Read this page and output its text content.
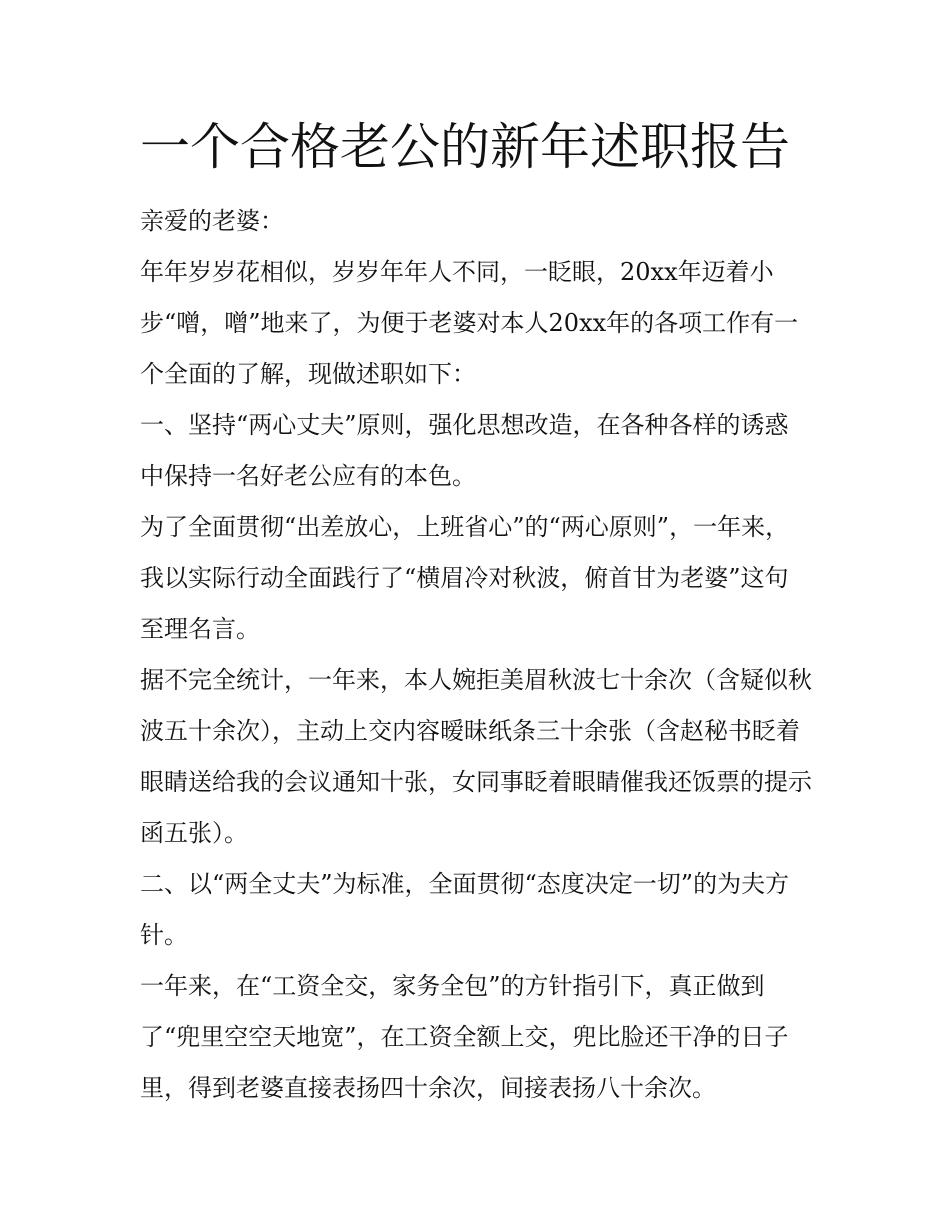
一个合格老公的新年述职报告

亲爱的老婆：

年年岁岁花相似，岁岁年年人不同，一眨眼，20xx年迈着小步“噌，噌”地来了，为便于老婆对本人20xx年的各项工作有一个全面的了解，现做述职如下：

一、坚持“两心丈夫”原则，强化思想改造，在各种各样的诱惑中保持一名好老公应有的本色。

为了全面贯彻“出差放心，上班省心”的“两心原则”，一年来，我以实际行动全面践行了“横眉冷对秋波，俯首甘为老婆”这句至理名言。

据不完全统计，一年来，本人婉拒美眉秋波七十余次（含疑似秋波五十余次），主动上交内容暧昧纸条三十余张（含赵秘书眨着眼睛送给我的会议通知十张，女同事眨着眼睛催我还饭票的提示函五张）。

二、以“两全丈夫”为标准，全面贯彻“态度决定一切”的为夫方针。

一年来，在“工资全交，家务全包”的方针指引下，真正做到了“兜里空空天地宽”，在工资全额上交，兜比脸还干净的日子里，得到老婆直接表扬四十余次，间接表扬八十余次。
